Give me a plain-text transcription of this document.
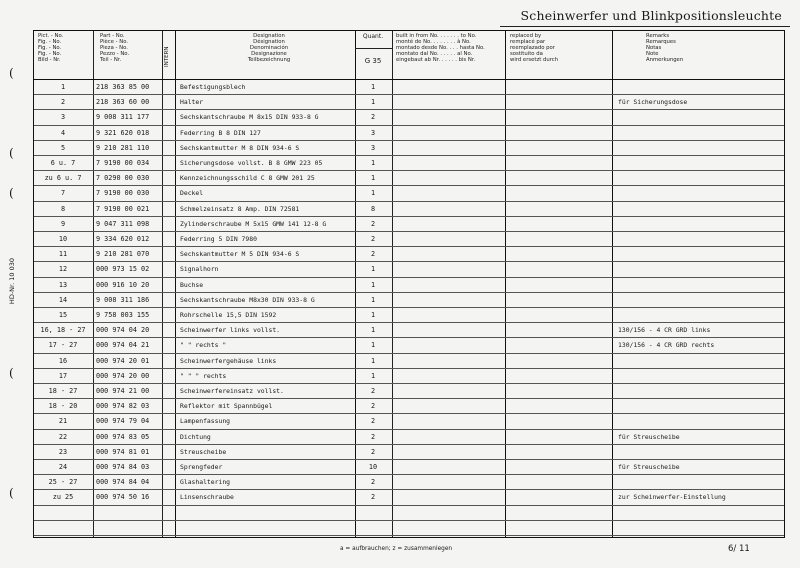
Scheinwerfer und Blinkpositionsleuchte
HD-Nr. 10 030
(
(
(
(
(
Pict. - No.
Fig. - No.
Fig. - No.
Fig. - No.
Bild - Nr.
Part - No.
Pièce - No.
Pieza - No.
Pezzo - No.
Teil - Nr.	INTERN
Designation
Désignation
Denominación
Designazione
Teilbezeichnung
Quant.
G 35
built in from No. . . . . . . to No.
monté de No. . . . . . . . à No.
montado desde No. . . . hasta No.
montato dal No. . . . . . al No.
eingebaut ab Nr. . . . . . bis Nr.
replaced by
remplacé par
reemplazado por
sostituito da
wird ersetzt durch
Remarks
Remarques
Notas
Note
Anmerkungen
1	218 363 85 00	Befestigungsblech	1
2	218 363 60 00	Halter	1	für Sicherungsdose
3	9 008 311 177	Sechskantschraube M 8x15 DIN 933-8 G	2
4	9 321 620 018	Federring B 8 DIN 127	3
5	9 210 281 110	Sechskantmutter M 8 DIN 934-6 S	3
6 u. 7	7 9190 00 034	Sicherungsdose vollst. B 8 GMW 223 05	1
zu 6 u. 7	7 0290 00 030	Kennzeichnungsschild C 8 GMW 201 25	1
7	7 9190 00 030	Deckel	1
8	7 9190 00 021	Schmelzeinsatz 8 Amp. DIN 72581	8
9	9 047 311 098	Zylinderschraube M 5x15 GMW 141 12-8 G	2
10	9 334 620 012	Federring 5 DIN 7980	2
11	9 210 281 070	Sechskantmutter M 5 DIN 934-6 S	2
12	000 973 15 02	Signalhorn	1
13	000 916 10 20	Buchse	1
14	9 008 311 186	Sechskantschraube M8x30 DIN 933-8 G	1
15	9 758 003 155	Rohrschelle 15,5 DIN 1592	1
16, 18 - 27	000 974 04 20	Scheinwerfer links vollst.	1	130/156 - 4 CR GRD links
17 - 27	000 974 04 21	" " rechts "	1	130/156 - 4 CR GRD rechts
16	000 974 20 01	Scheinwerfergehäuse links	1
17	000 974 20 00	" " " rechts	1
18 - 27	000 974 21 00	Scheinwerfereinsatz vollst.	2
18 - 20	000 974 82 03	Reflektor mit Spannbügel	2
21	000 974 79 04	Lampenfassung	2
22	000 974 83 05	Dichtung	2	für Streuscheibe
23	000 974 81 01	Streuscheibe	2
24	000 974 84 03	Sprengfeder	10	für Streuscheibe
25 - 27	000 974 84 04	Glashaltering	2
zu 25	000 974 50 16	Linsenschraube	2	zur Scheinwerfer-Einstellung
a = aufbrauchen; z = zusammenlegen	6/ 11
